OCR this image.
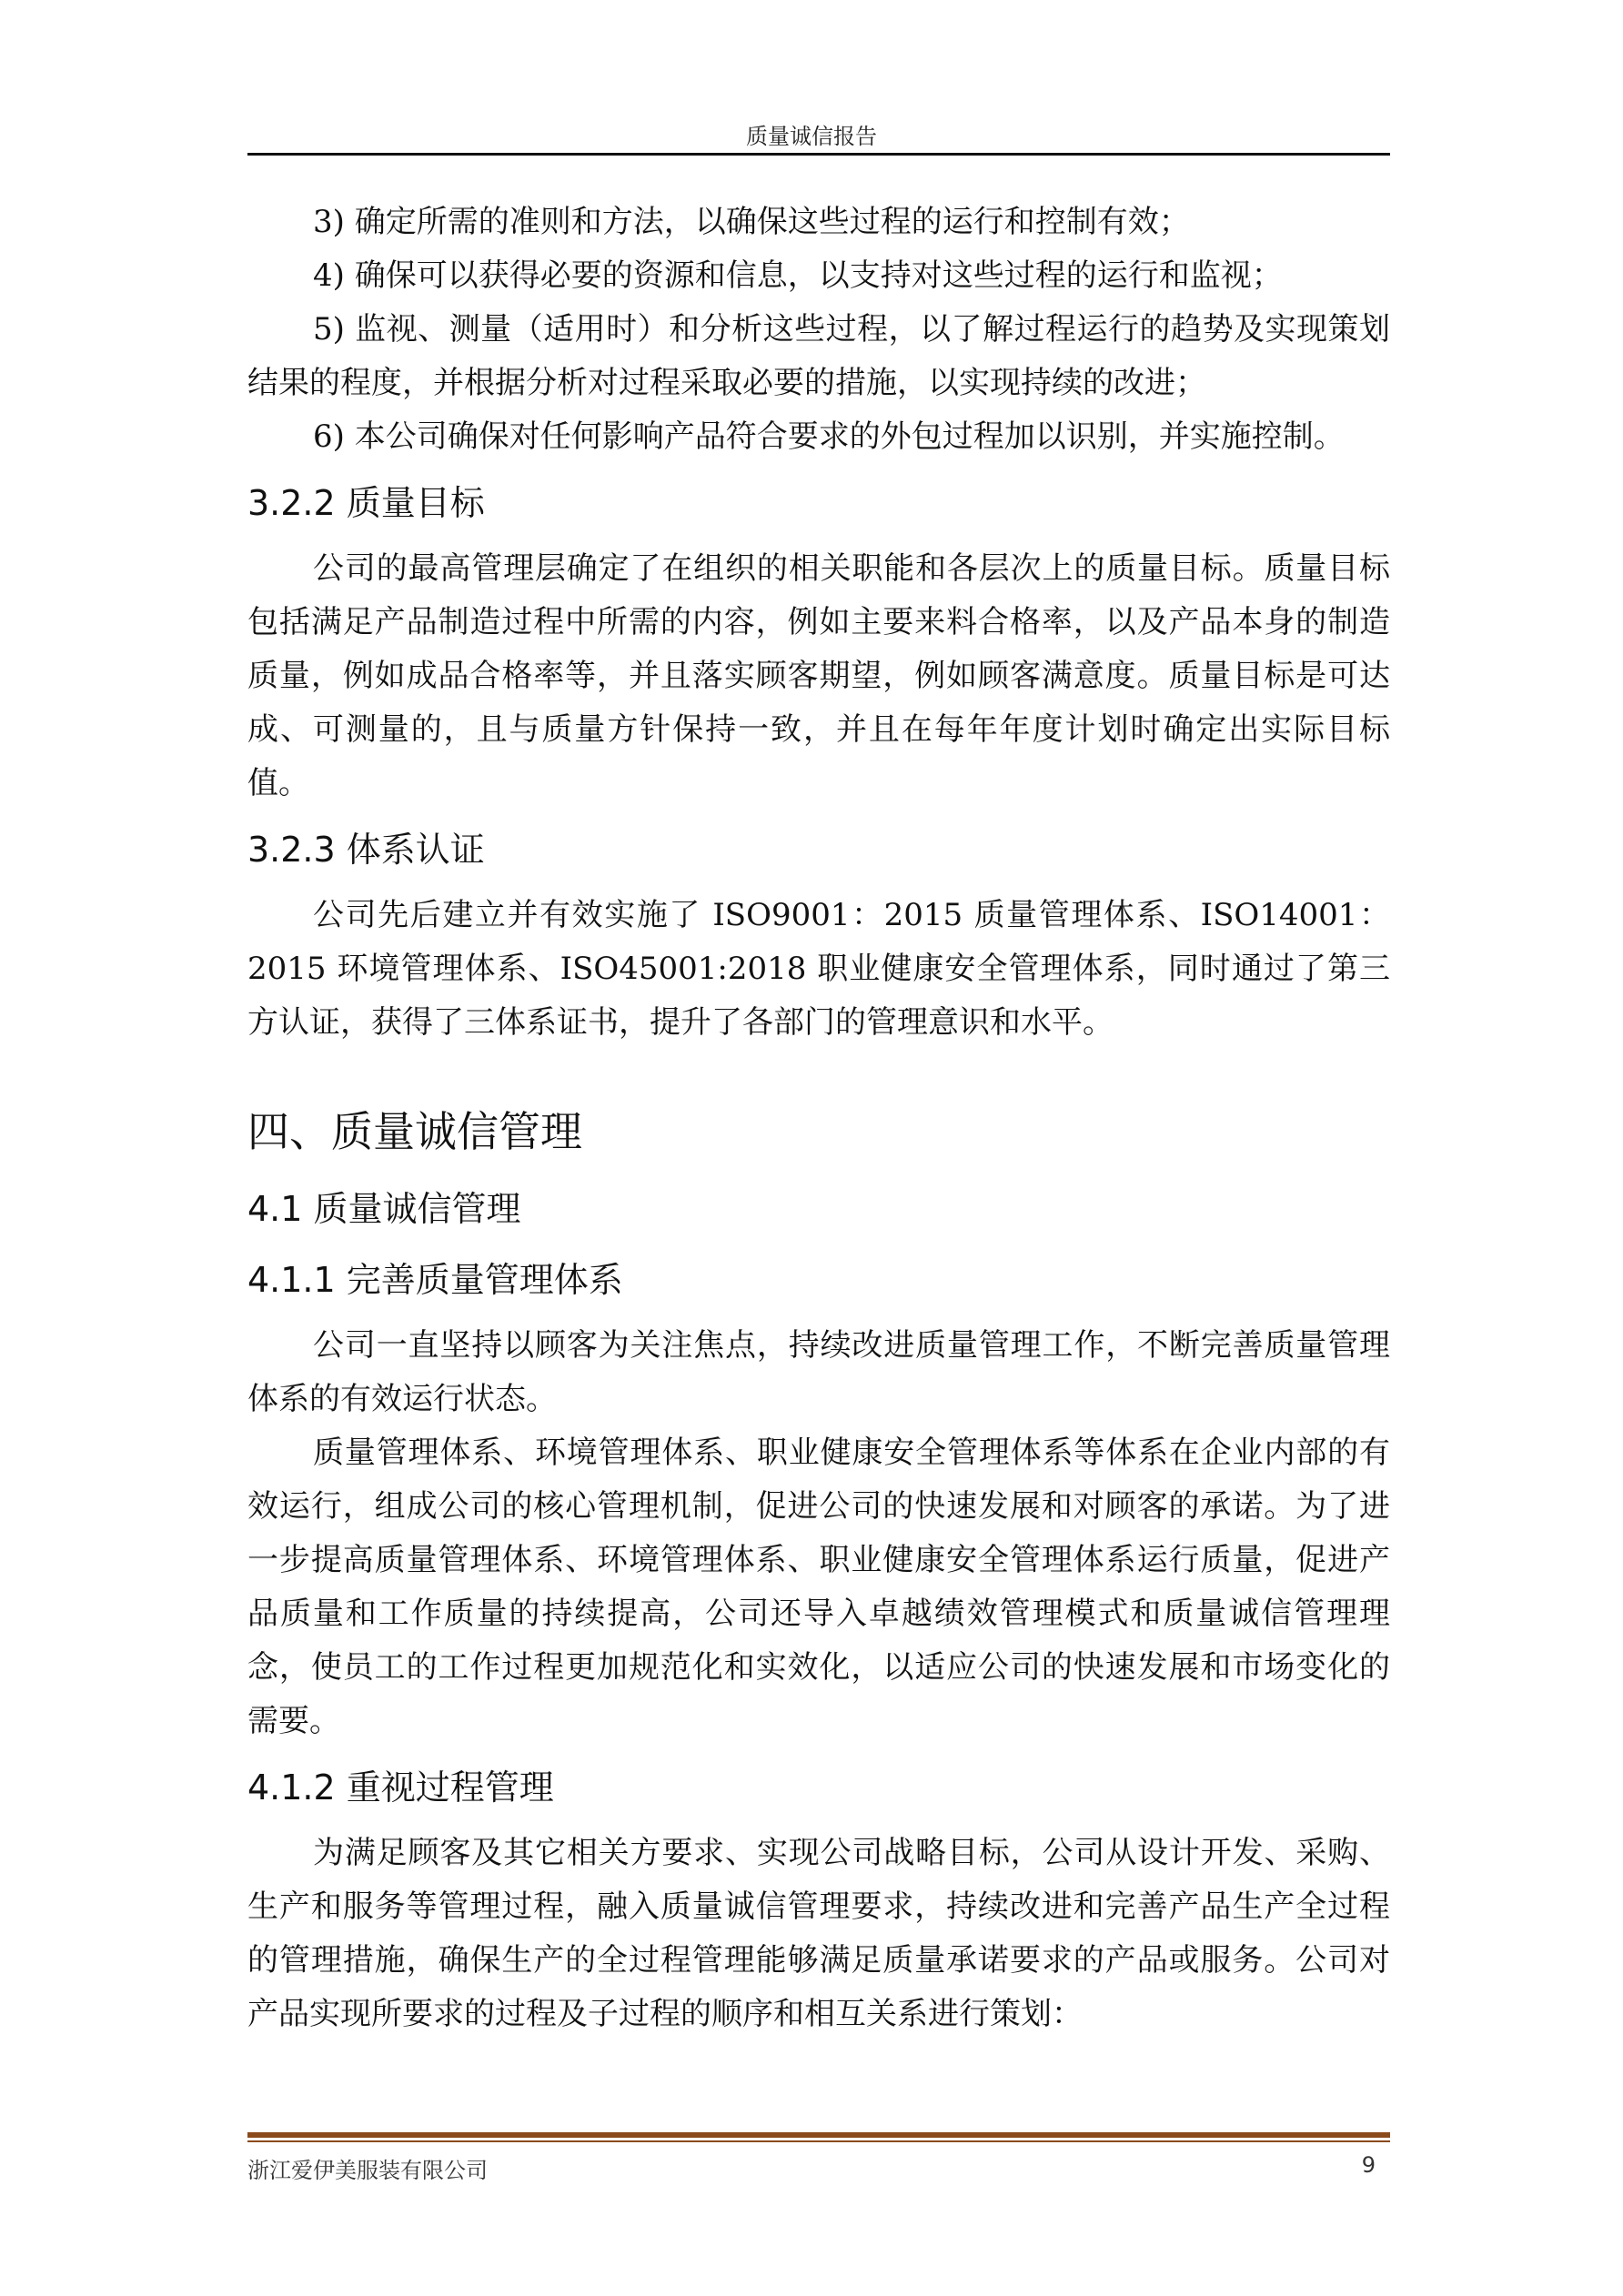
质量诚信报告

3) 确定所需的准则和方法，以确保这些过程的运行和控制有效；

4) 确保可以获得必要的资源和信息，以支持对这些过程的运行和监视；

5) 监视、测量（适用时）和分析这些过程，以了解过程运行的趋势及实现策划结果的程度，并根据分析对过程采取必要的措施，以实现持续的改进；

6) 本公司确保对任何影响产品符合要求的外包过程加以识别，并实施控制。

3.2.2 质量目标

公司的最高管理层确定了在组织的相关职能和各层次上的质量目标。质量目标包括满足产品制造过程中所需的内容，例如主要来料合格率，以及产品本身的制造质量，例如成品合格率等，并且落实顾客期望，例如顾客满意度。质量目标是可达成、可测量的，且与质量方针保持一致，并且在每年年度计划时确定出实际目标值。

3.2.3 体系认证

公司先后建立并有效实施了 ISO9001：2015 质量管理体系、ISO14001：2015 环境管理体系、ISO45001:2018 职业健康安全管理体系，同时通过了第三方认证，获得了三体系证书，提升了各部门的管理意识和水平。

四、质量诚信管理
4.1 质量诚信管理
4.1.1 完善质量管理体系

公司一直坚持以顾客为关注焦点，持续改进质量管理工作，不断完善质量管理体系的有效运行状态。

质量管理体系、环境管理体系、职业健康安全管理体系等体系在企业内部的有效运行，组成公司的核心管理机制，促进公司的快速发展和对顾客的承诺。为了进一步提高质量管理体系、环境管理体系、职业健康安全管理体系运行质量，促进产品质量和工作质量的持续提高，公司还导入卓越绩效管理模式和质量诚信管理理念，使员工的工作过程更加规范化和实效化，以适应公司的快速发展和市场变化的需要。

4.1.2 重视过程管理

为满足顾客及其它相关方要求、实现公司战略目标，公司从设计开发、采购、生产和服务等管理过程，融入质量诚信管理要求，持续改进和完善产品生产全过程的管理措施，确保生产的全过程管理能够满足质量承诺要求的产品或服务。公司对产品实现所要求的过程及子过程的顺序和相互关系进行策划：

浙江爱伊美服装有限公司	9
